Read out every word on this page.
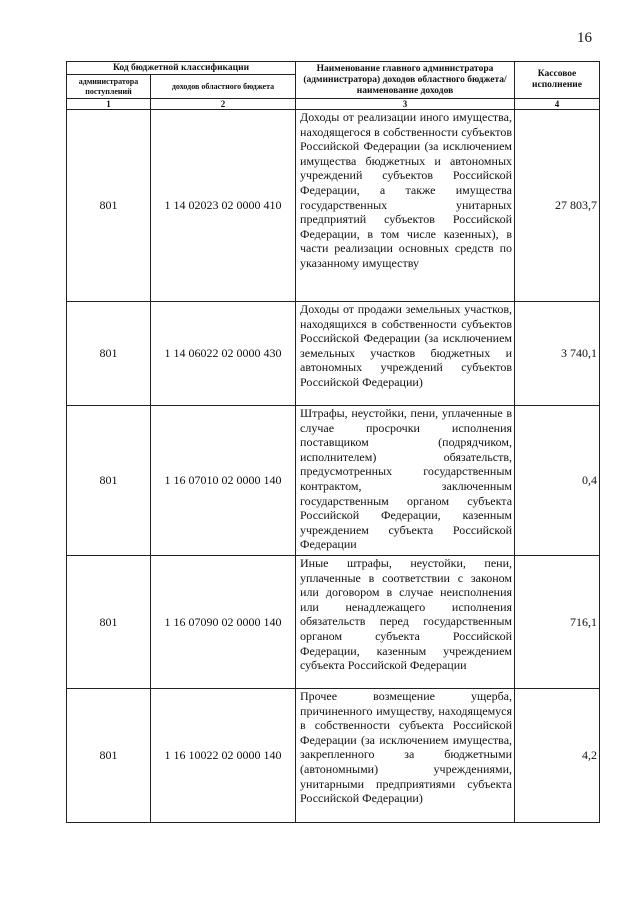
16
Код бюджетной классификации		Наименование главного администратора (администратора) доходов областного бюджета/ наименование доходов	Кассовое исполнение
администратора поступлений	доходов областного бюджета		
1	2	3	4
801	1 14 02023 02 0000 410	Доходы от реализации иного имущества, находящегося в собственности субъектов Российской Федерации (за исключением имущества бюджетных и автономных учреждений субъектов Российской Федерации, а также имущества государственных унитарных предприятий субъектов Российской Федерации, в том числе казенных), в части реализации основных средств по указанному имуществу	27 803,7
801	1 14 06022 02 0000 430	Доходы от продажи земельных участков, находящихся в собственности субъектов Российской Федерации (за исключением земельных участков бюджетных и автономных учреждений субъектов Российской Федерации)	3 740,1
801	1 16 07010 02 0000 140	Штрафы, неустойки, пени, уплаченные в случае просрочки исполнения поставщиком (подрядчиком, исполнителем) обязательств, предусмотренных государственным контрактом, заключенным государственным органом субъекта Российской Федерации, казенным учреждением субъекта Российской Федерации	0,4
801	1 16 07090 02 0000 140	Иные штрафы, неустойки, пени, уплаченные в соответствии с законом или договором в случае неисполнения или ненадлежащего исполнения обязательств перед государственным органом субъекта Российской Федерации, казенным учреждением субъекта Российской Федерации	716,1
801	1 16 10022 02 0000 140	Прочее возмещение ущерба, причиненного имуществу, находящемуся в собственности субъекта Российской Федерации (за исключением имущества, закрепленного за бюджетными (автономными) учреждениями, унитарными предприятиями субъекта Российской Федерации)	4,2
